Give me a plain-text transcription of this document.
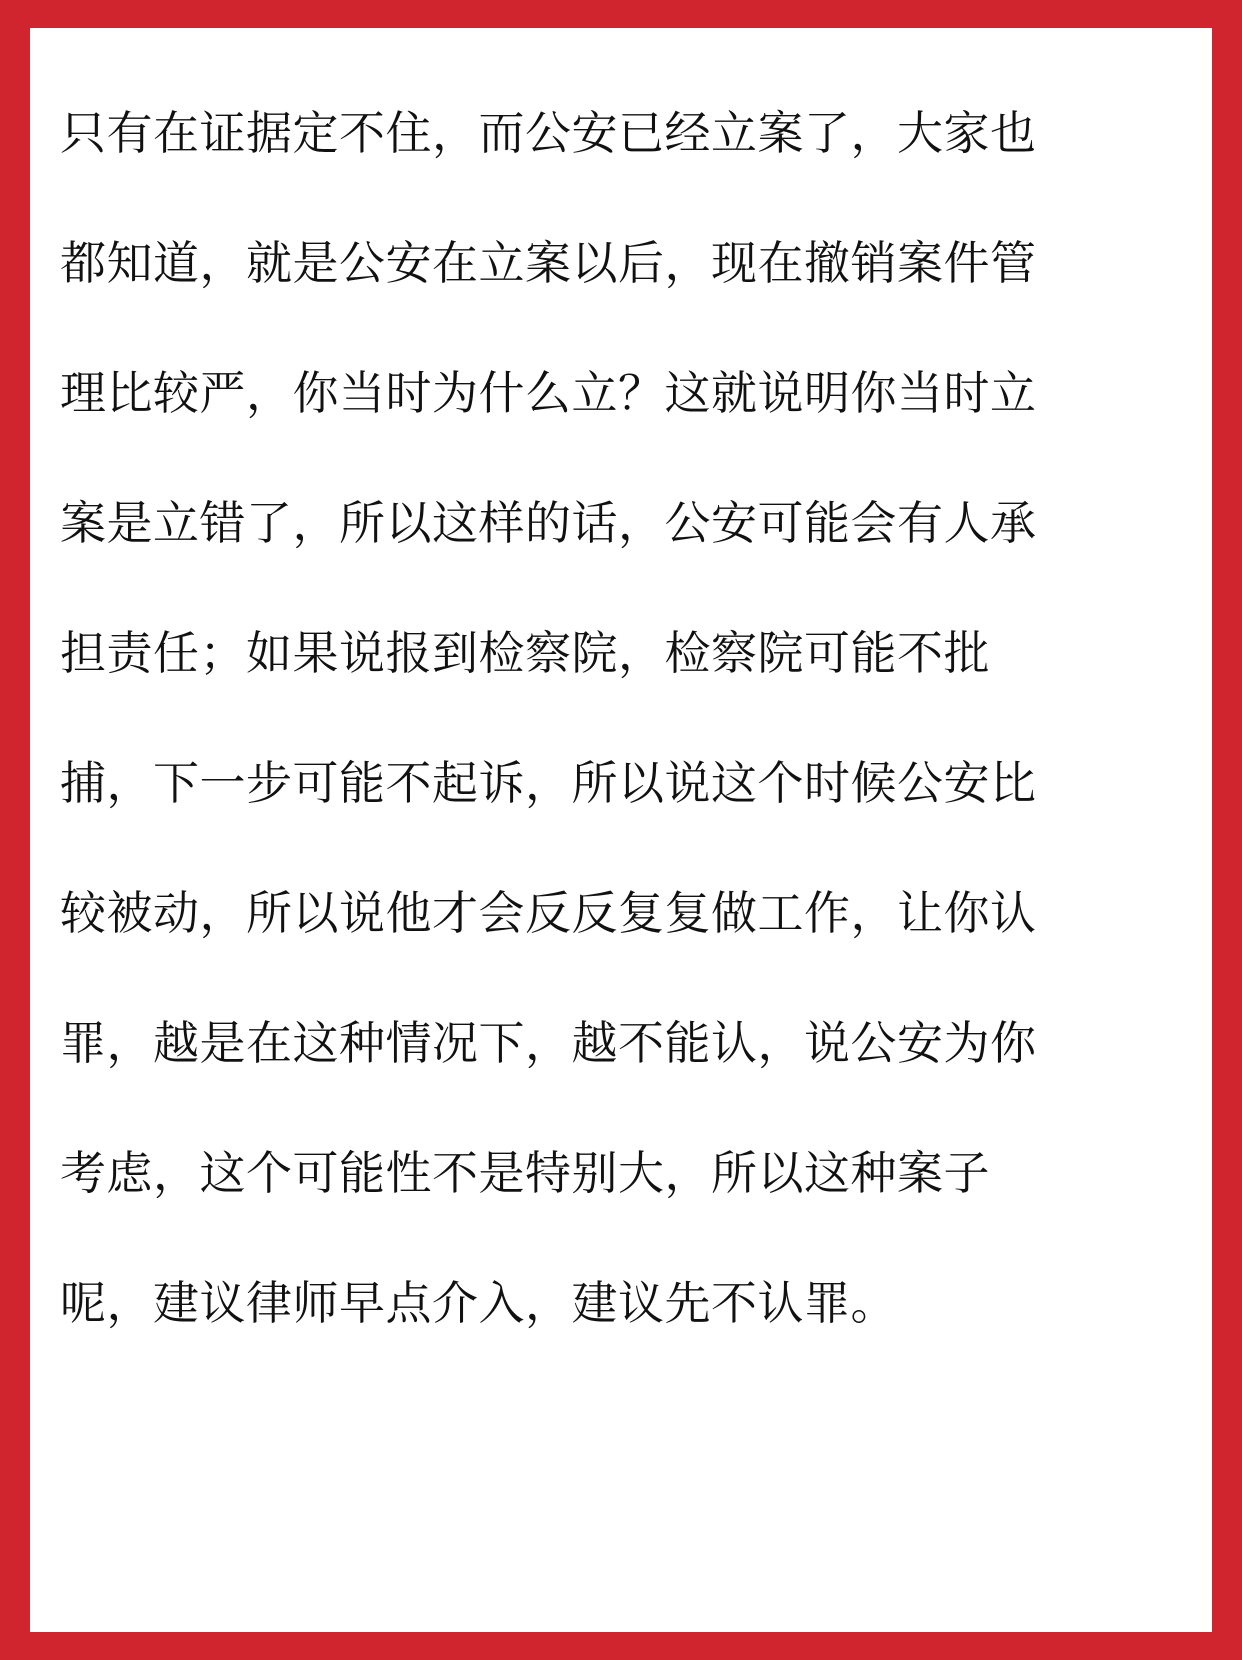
只有在证据定不住，而公安已经立案了，大家也
都知道，就是公安在立案以后，现在撤销案件管
理比较严，你当时为什么立？这就说明你当时立
案是立错了，所以这样的话，公安可能会有人承
担责任；如果说报到检察院，检察院可能不批
捕，下一步可能不起诉，所以说这个时候公安比
较被动，所以说他才会反反复复做工作，让你认
罪，越是在这种情况下，越不能认，说公安为你
考虑，这个可能性不是特别大，所以这种案子
呢，建议律师早点介入，建议先不认罪。
